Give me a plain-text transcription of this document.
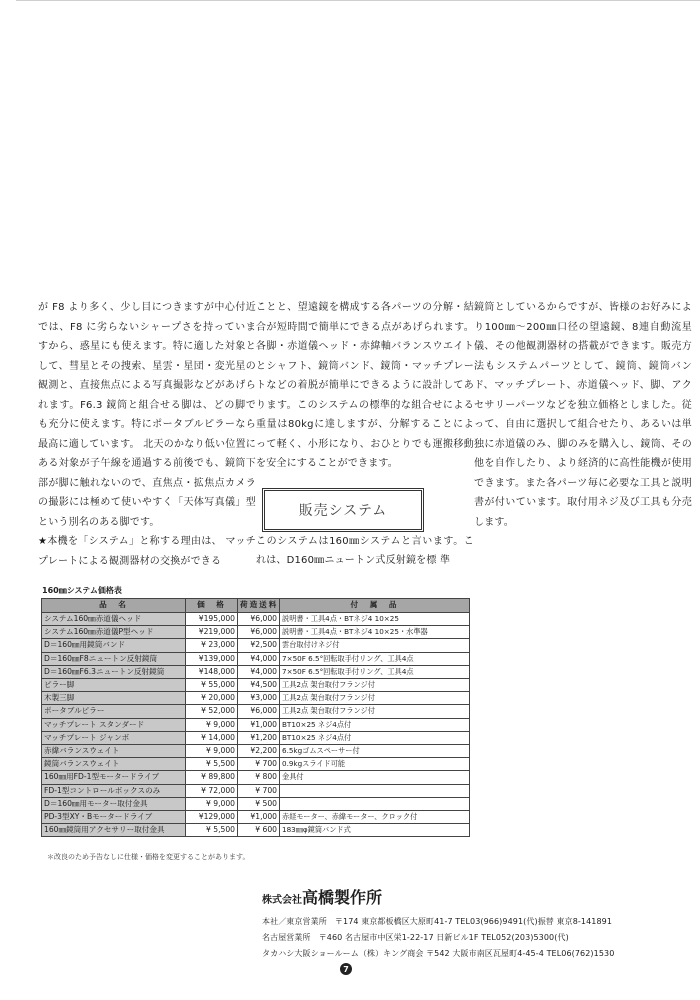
が F8 より多く、少し目につきますが中心付近では、F8 に劣らないシャープさを持っていますから、惑星にも使えます。特に適した対象として、彗星とその捜索、星雲・星団・変光星の観測と、直接焦点による写真撮影などがあげられます。F6.3 鏡筒と組合せる脚は、どの脚でも充分に使えます。特にポータブルピラーなら最高に適しています。 北天のかなり低い位置にある対象が子午線を通過する前後でも、鏡筒下部が脚に触れないので、直焦点・拡焦点カメラの撮影には極めて使いやすく「天体写真儀」型という別名のある脚です。

★本機を「システム」と称する理由は、 マッチプレートによる観測器材の交換ができる

ことと、望遠鏡を構成する各パーツの分解・結合が短時間で簡単にできる点があげられます。各脚・赤道儀ヘッド・赤緯軸バランスウエイトとシャフト、鏡筒バンド、鏡筒・マッチプレートなどの着脱が簡単にできるように設計してあります。このシステムの標準的な組合せによる重量は80kgに達しますが、分解することによって軽く、小形になり、おひとりでも運搬移動を安全にすることができます。

このシステムは160㎜システムと言います。これは、D160㎜ニュートン式反射鏡を標 準

販売システム

鏡筒としているからですが、皆様のお好みにより100㎜～200㎜口径の望遠鏡、8連自動流星儀、その他観測器材の搭載ができます。販売方法もシステムパーツとして、鏡筒、鏡筒バンド、マッチプレート、赤道儀ヘッド、脚、アクセサリーパーツなどを独立価格としました。従って、自由に選択して組合せたり、あるいは単独に赤道儀のみ、脚のみを購入し、鏡筒、その他を自作したり、より経済的に高性能機が使用できます。また各パーツ毎に必要な工具と説明書が付いています。取付用ネジ及び工具も分売します。

160㎜システム価格表
品　名	価　格	荷造送料	付　属　品
システム160㎜赤道儀ヘッド	¥195,000	¥6,000	説明書・工具4点・BTネジ4 10×25
システム160㎜赤道儀P型ヘッド	¥219,000	¥6,000	説明書・工具4点・BTネジ4 10×25・水準器
D＝160㎜用鏡筒バンド	¥ 23,000	¥2,500	雲台取付けネジ付
D＝160㎜F8ニュートン反射鏡筒	¥139,000	¥4,000	7×50F 6.5°回転取手付リング、工具4点
D＝160㎜F6.3ニュートン反射鏡筒	¥148,000	¥4,000	7×50F 6.5°回転取手付リング、工具4点
ピラー脚	¥ 55,000	¥4,500	工具2点 架台取付フランジ付
木製三脚	¥ 20,000	¥3,000	工具2点 架台取付フランジ付
ポータブルピラー	¥ 52,000	¥6,000	工具2点 架台取付フランジ付
マッチプレート スタンダード	¥ 9,000	¥1,000	BT10×25 ネジ4点付
マッチプレート ジャンボ	¥ 14,000	¥1,200	BT10×25 ネジ4点付
赤緯バランスウェイト	¥ 9,000	¥2,200	6.5kgゴムスペーサー付
鏡筒バランスウェイト	¥ 5,500	¥ 700	0.9kgスライド可能
160㎜用FD-1型モータードライブ	¥ 89,800	¥ 800	金具付
FD-1型コントロールボックスのみ	¥ 72,000	¥ 700	
D＝160㎜用モーター取付金具	¥ 9,000	¥ 500	
PD-3型XY・Bモータードライブ	¥129,000	¥1,000	赤経モーター、赤緯モーター、クロック付
160㎜鏡筒用アクセサリー取付金具	¥ 5,500	¥ 600	183㎜φ鏡筒バンド式
＊改良のため予告なしに仕様・価格を変更することがあります。
株式会社高橋製作所
本社／東京営業所　〒174 東京都板橋区大原町41-7 TEL03(966)9491(代)振替 東京8-141891
名古屋営業所　〒460 名古屋市中区栄1-22-17 日新ビル1F TEL052(203)5300(代)
タカハシ大阪ショールーム（株）キング商会 〒542 大阪市南区瓦屋町4-45-4 TEL06(762)1530
7
